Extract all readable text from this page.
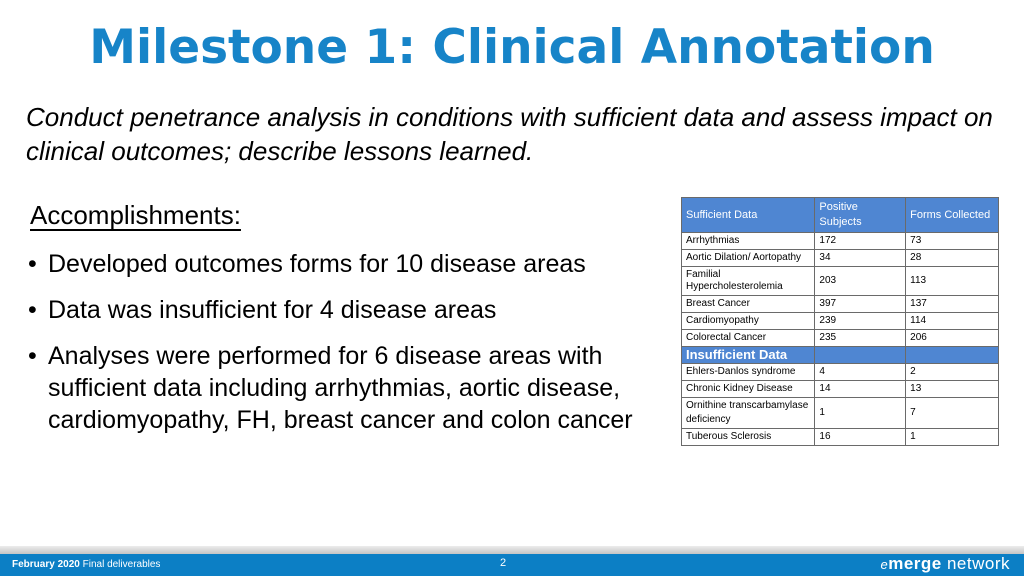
Milestone 1: Clinical Annotation
Conduct penetrance analysis in conditions with sufficient data and assess impact on clinical outcomes; describe lessons learned.
Accomplishments:
• Developed outcomes forms for 10 disease areas
• Data was insufficient for 4 disease areas
• Analyses were performed for 6 disease areas with sufficient data including arrhythmias, aortic disease, cardiomyopathy, FH, breast cancer and colon cancer
Sufficient Data	Positive Subjects	Forms Collected
Arrhythmias	172	73
Aortic Dilation/ Aortopathy	34	28
Familial Hypercholesterolemia	203	113
Breast Cancer	397	137
Cardiomyopathy	239	114
Colorectal Cancer	235	206
Insufficient Data		
Ehlers-Danlos syndrome	4	2
Chronic Kidney Disease	14	13
Ornithine transcarbamylase deficiency	1	7
Tuberous Sclerosis	16	1
February 2020 Final deliverables	2	emerge network
